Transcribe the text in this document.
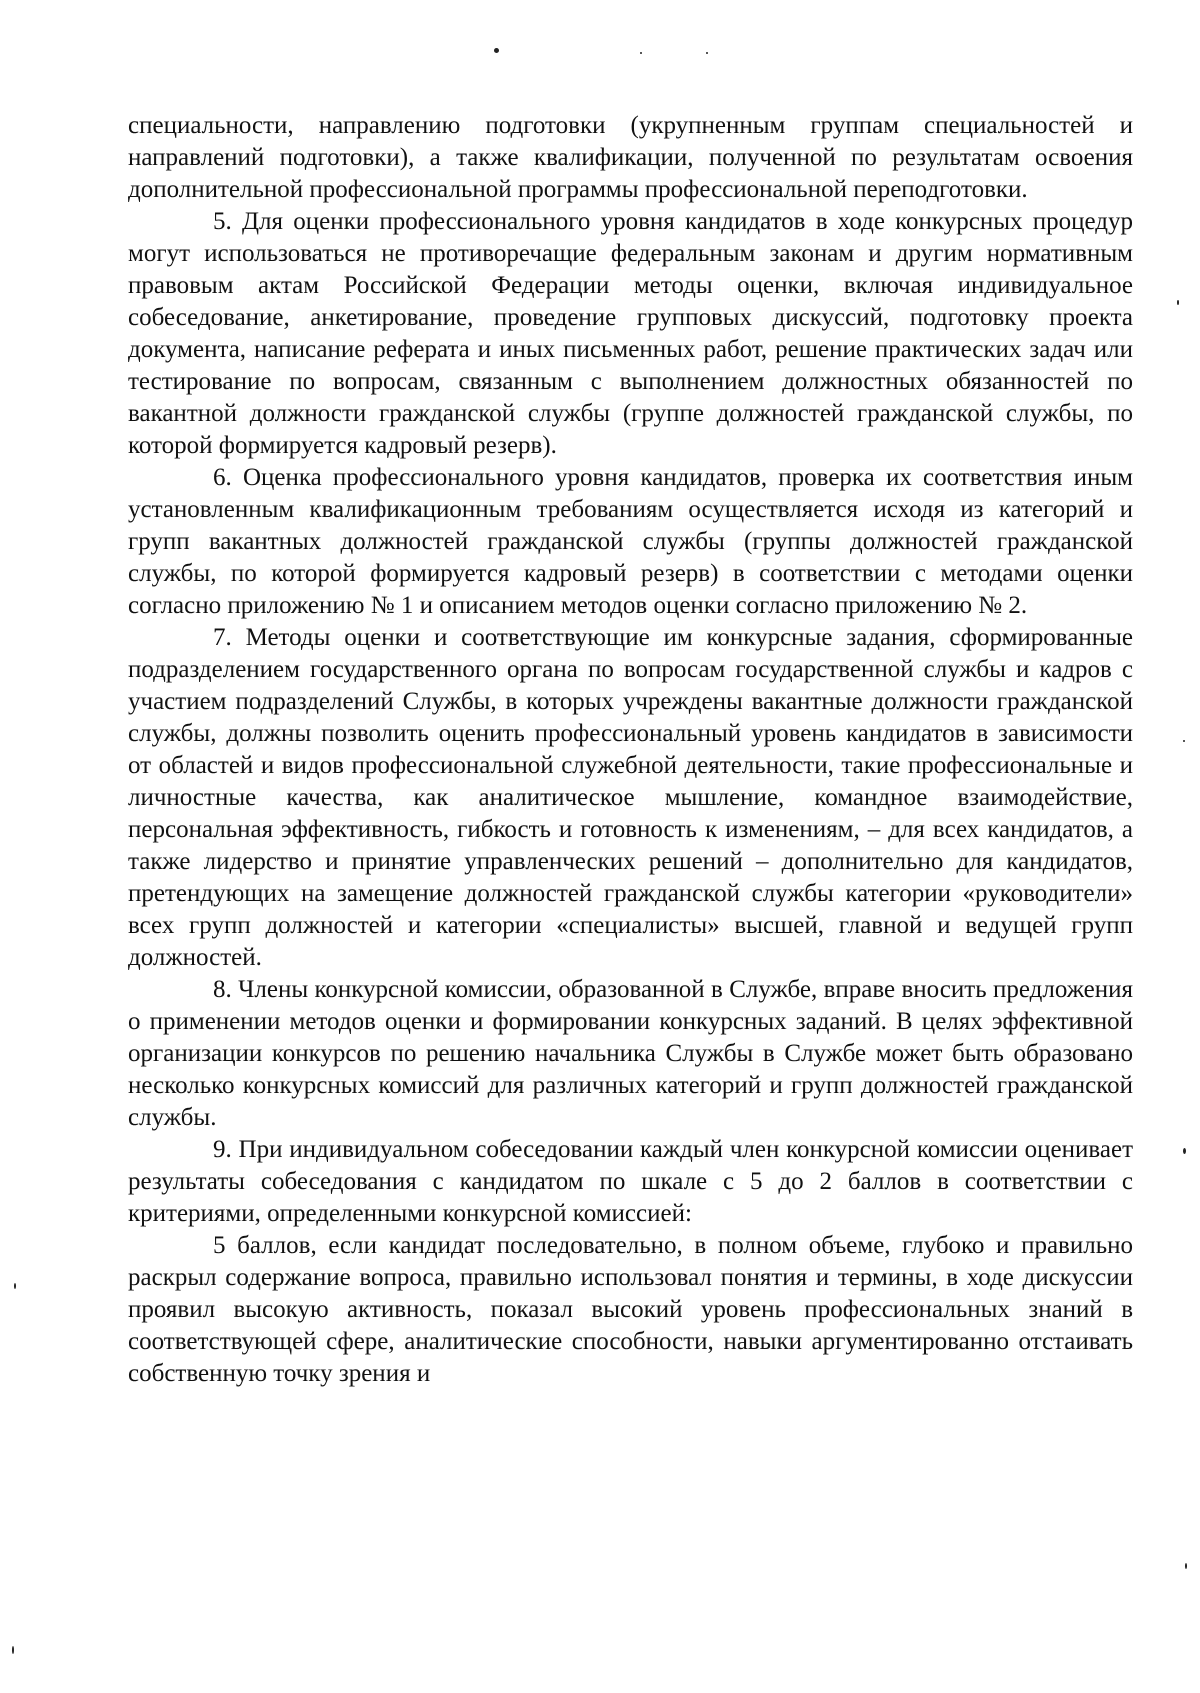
специальности, направлению подготовки (укрупненным группам специальностей и направлений подготовки), а также квалификации, полученной по результатам освоения дополнительной профессиональной программы профессиональной переподготовки.

5. Для оценки профессионального уровня кандидатов в ходе конкурсных процедур могут использоваться не противоречащие федеральным законам и другим нормативным правовым актам Российской Федерации методы оценки, включая индивидуальное собеседование, анкетирование, проведение групповых дискуссий, подготовку проекта документа, написание реферата и иных письменных работ, решение практических задач или тестирование по вопросам, связанным с выполнением должностных обязанностей по вакантной должности гражданской службы (группе должностей гражданской службы, по которой формируется кадровый резерв).

6. Оценка профессионального уровня кандидатов, проверка их соответствия иным установленным квалификационным требованиям осуществляется исходя из категорий и групп вакантных должностей гражданской службы (группы должностей гражданской службы, по которой формируется кадровый резерв) в соответствии с методами оценки согласно приложению № 1 и описанием методов оценки согласно приложению № 2.

7. Методы оценки и соответствующие им конкурсные задания, сформированные подразделением государственного органа по вопросам государственной службы и кадров с участием подразделений Службы, в которых учреждены вакантные должности гражданской службы, должны позволить оценить профессиональный уровень кандидатов в зависимости от областей и видов профессиональной служебной деятельности, такие профессиональные и личностные качества, как аналитическое мышление, командное взаимодействие, персональная эффективность, гибкость и готовность к изменениям, – для всех кандидатов, а также лидерство и принятие управленческих решений – дополнительно для кандидатов, претендующих на замещение должностей гражданской службы категории «руководители» всех групп должностей и категории «специалисты» высшей, главной и ведущей групп должностей.

8. Члены конкурсной комиссии, образованной в Службе, вправе вносить предложения о применении методов оценки и формировании конкурсных заданий. В целях эффективной организации конкурсов по решению начальника Службы в Службе может быть образовано несколько конкурсных комиссий для различных категорий и групп должностей гражданской службы.

9. При индивидуальном собеседовании каждый член конкурсной комиссии оценивает результаты собеседования с кандидатом по шкале с 5 до 2 баллов в соответствии с критериями, определенными конкурсной комиссией:

5 баллов, если кандидат последовательно, в полном объеме, глубоко и правильно раскрыл содержание вопроса, правильно использовал понятия и термины, в ходе дискуссии проявил высокую активность, показал высокий уровень профессиональных знаний в соответствующей сфере, аналитические способности, навыки аргументированно отстаивать собственную точку зрения и
